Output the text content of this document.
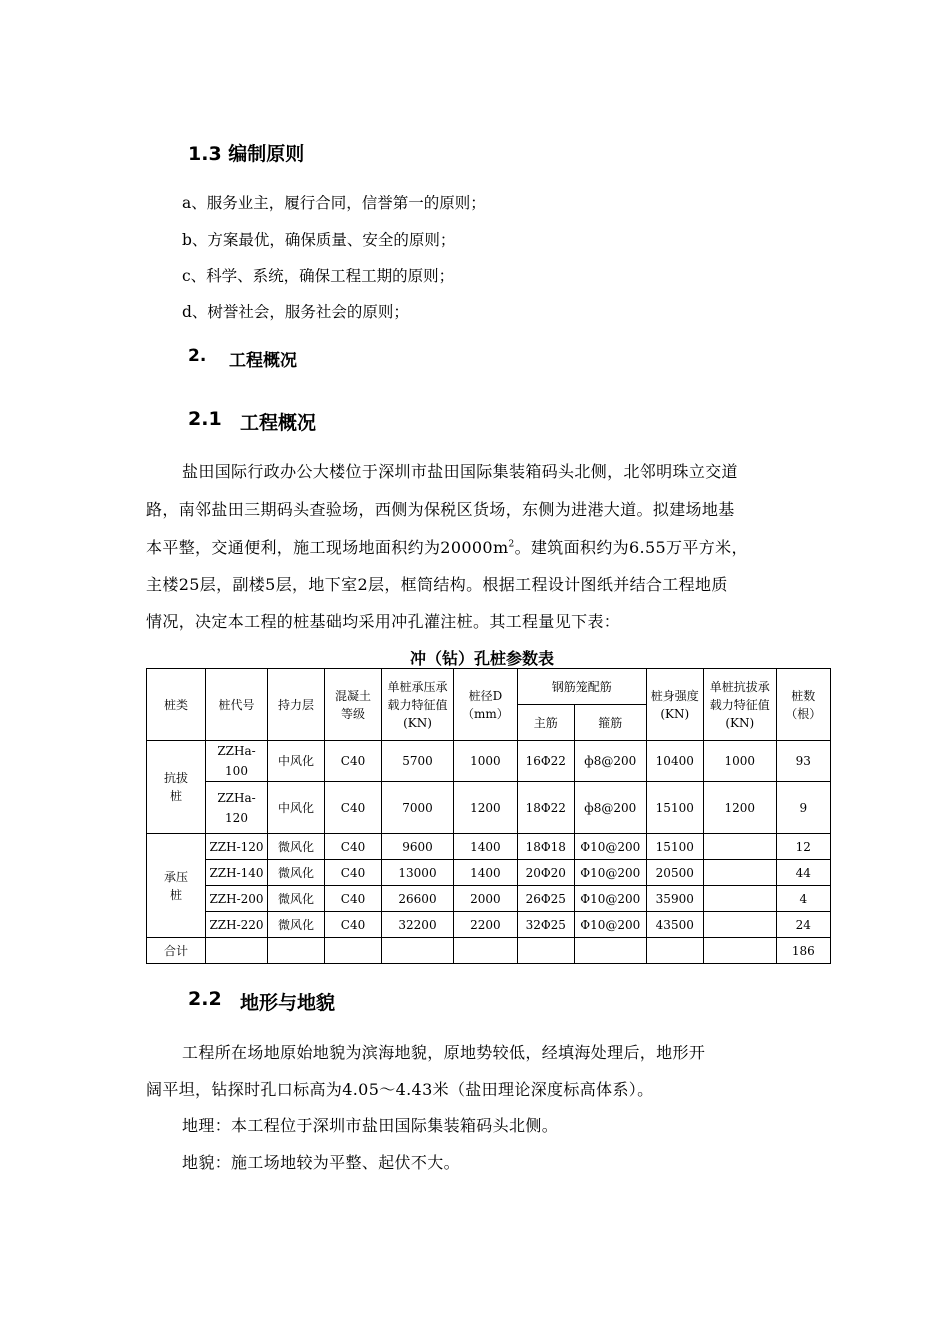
1.3 编制原则
a、服务业主，履行合同，信誉第一的原则；
b、方案最优，确保质量、安全的原则；
c、科学、系统，确保工程工期的原则；
d、树誉社会，服务社会的原则；
2. 工程概况
2.1 工程概况
盐田国际行政办公大楼位于深圳市盐田国际集装箱码头北侧，北邻明珠立交道
路，南邻盐田三期码头查验场，西侧为保税区货场，东侧为进港大道。拟建场地基
本平整，交通便利，施工现场地面积约为$20000m^2$。建筑面积约为6.55万平方米，
主楼25层，副楼5层，地下室2层，框筒结构。根据工程设计图纸并结合工程地质
情况，决定本工程的桩基础均采用冲孔灌注桩。其工程量见下表：
冲（钻）孔桩参数表
桩类	桩代号	持力层	混凝土等级	单桩承压承载力特征值(KN)	桩径D（mm）	钢筋笼配筋		桩身强度(KN)	单桩抗拔承载力特征值(KN)	桩数（根）
						主筋	箍筋			
抗拔桩	ZZHa-100	中风化	C40	5700	1000	16Φ22	ф8@200	10400	1000	93
	ZZHa-120	中风化	C40	7000	1200	18Φ22	ф8@200	15100	1200	9
承压桩	ZZH-120	微风化	C40	9600	1400	18Φ18	Φ10@200	15100		12
	ZZH-140	微风化	C40	13000	1400	20Φ20	Φ10@200	20500		44
	ZZH-200	微风化	C40	26600	2000	26Φ25	Φ10@200	35900		4
	ZZH-220	微风化	C40	32200	2200	32Φ25	Φ10@200	43500		24
合计										186
2.2 地形与地貌
工程所在场地原始地貌为滨海地貌，原地势较低，经填海处理后，地形开
阔平坦，钻探时孔口标高为4.05～4.43米（盐田理论深度标高体系）。
地理：本工程位于深圳市盐田国际集装箱码头北侧。
地貌：施工场地较为平整、起伏不大。
